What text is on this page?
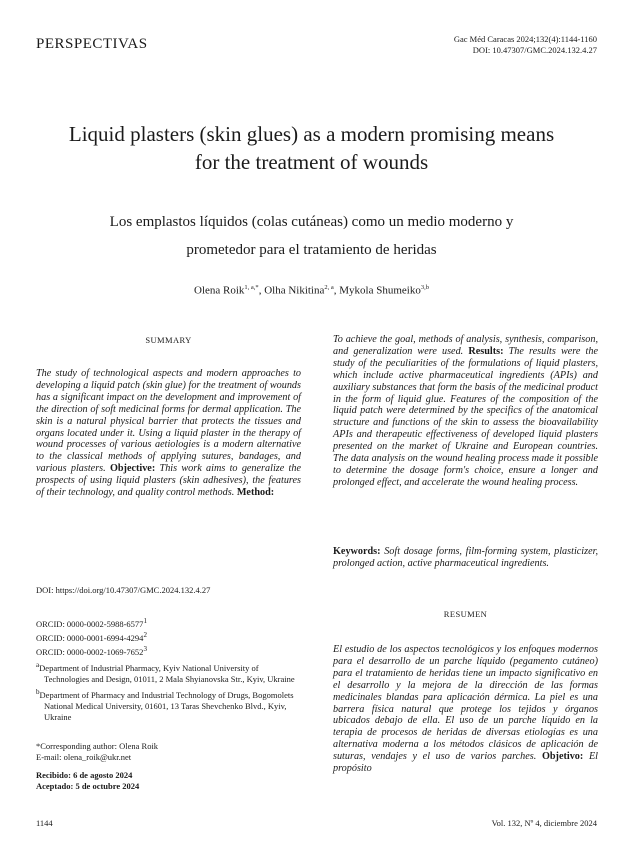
PERSPECTIVAS	Gac Méd Caracas 2024;132(4):1144-1160
DOI: 10.47307/GMC.2024.132.4.27
Liquid plasters (skin glues) as a modern promising means
for the treatment of wounds
Los emplastos líquidos (colas cutáneas) como un medio moderno y
prometedor para el tratamiento de heridas
Olena Roik$^{1, a,*}$, Olha Nikitina$^{2, a}$, Mykola Shumeiko$^{3,b}$
SUMMARY
The study of technological aspects and modern approaches to developing a liquid patch (skin glue) for the treatment of wounds has a significant impact on the development and improvement of the direction of soft medicinal forms for dermal application. The skin is a natural physical barrier that protects the tissues and organs located under it. Using a liquid plaster in the therapy of wound processes of various aetiologies is a modern alternative to the classical methods of applying sutures, bandages, and various plasters. Objective: This work aims to generalize the prospects of using liquid plasters (skin adhesives), the features of their technology, and quality control methods. Method:
DOI: https://doi.org/10.47307/GMC.2024.132.4.27
ORCID: 0000-0002-5988-6577$^1$
ORCID: 0000-0001-6994-4294$^2$
ORCID: 0000-0002-1069-7652$^3$
$^a$Department of Industrial Pharmacy, Kyiv National University of Technologies and Design, 01011, 2 Mala Shyianovska Str., Kyiv, Ukraine
$^b$Department of Pharmacy and Industrial Technology of Drugs, Bogomolets National Medical University, 01601, 13 Taras Shevchenko Blvd., Kyiv, Ukraine
*Corresponding author: Olena Roik
E-mail: olena_roik@ukr.net
Recibido: 6 de agosto 2024
Aceptado: 5 de octubre 2024
To achieve the goal, methods of analysis, synthesis, comparison, and generalization were used. Results: The results were the study of the peculiarities of the formulations of liquid plasters, which include active pharmaceutical ingredients (APIs) and auxiliary substances that form the basis of the medicinal product in the form of liquid glue. Features of the composition of the liquid patch were determined by the specifics of the anatomical structure and functions of the skin to assess the bioavailability APIs and therapeutic effectiveness of developed liquid plasters presented on the market of Ukraine and European countries. The data analysis on the wound healing process made it possible to determine the dosage form's choice, ensure a longer and prolonged effect, and accelerate the wound healing process.
Keywords: Soft dosage forms, film-forming system, plasticizer, prolonged action, active pharmaceutical ingredients.
RESUMEN
El estudio de los aspectos tecnológicos y los enfoques modernos para el desarrollo de un parche líquido (pegamento cutáneo) para el tratamiento de heridas tiene un impacto significativo en el desarrollo y la mejora de la dirección de las formas medicinales blandas para aplicación dérmica. La piel es una barrera física natural que protege los tejidos y órganos ubicados debajo de ella. El uso de un parche líquido en la terapia de procesos de heridas de diversas etiologías es una alternativa moderna a los métodos clásicos de aplicación de suturas, vendajes y el uso de varios parches. Objetivo: El propósito
1144	Vol. 132, Nº 4, diciembre 2024
